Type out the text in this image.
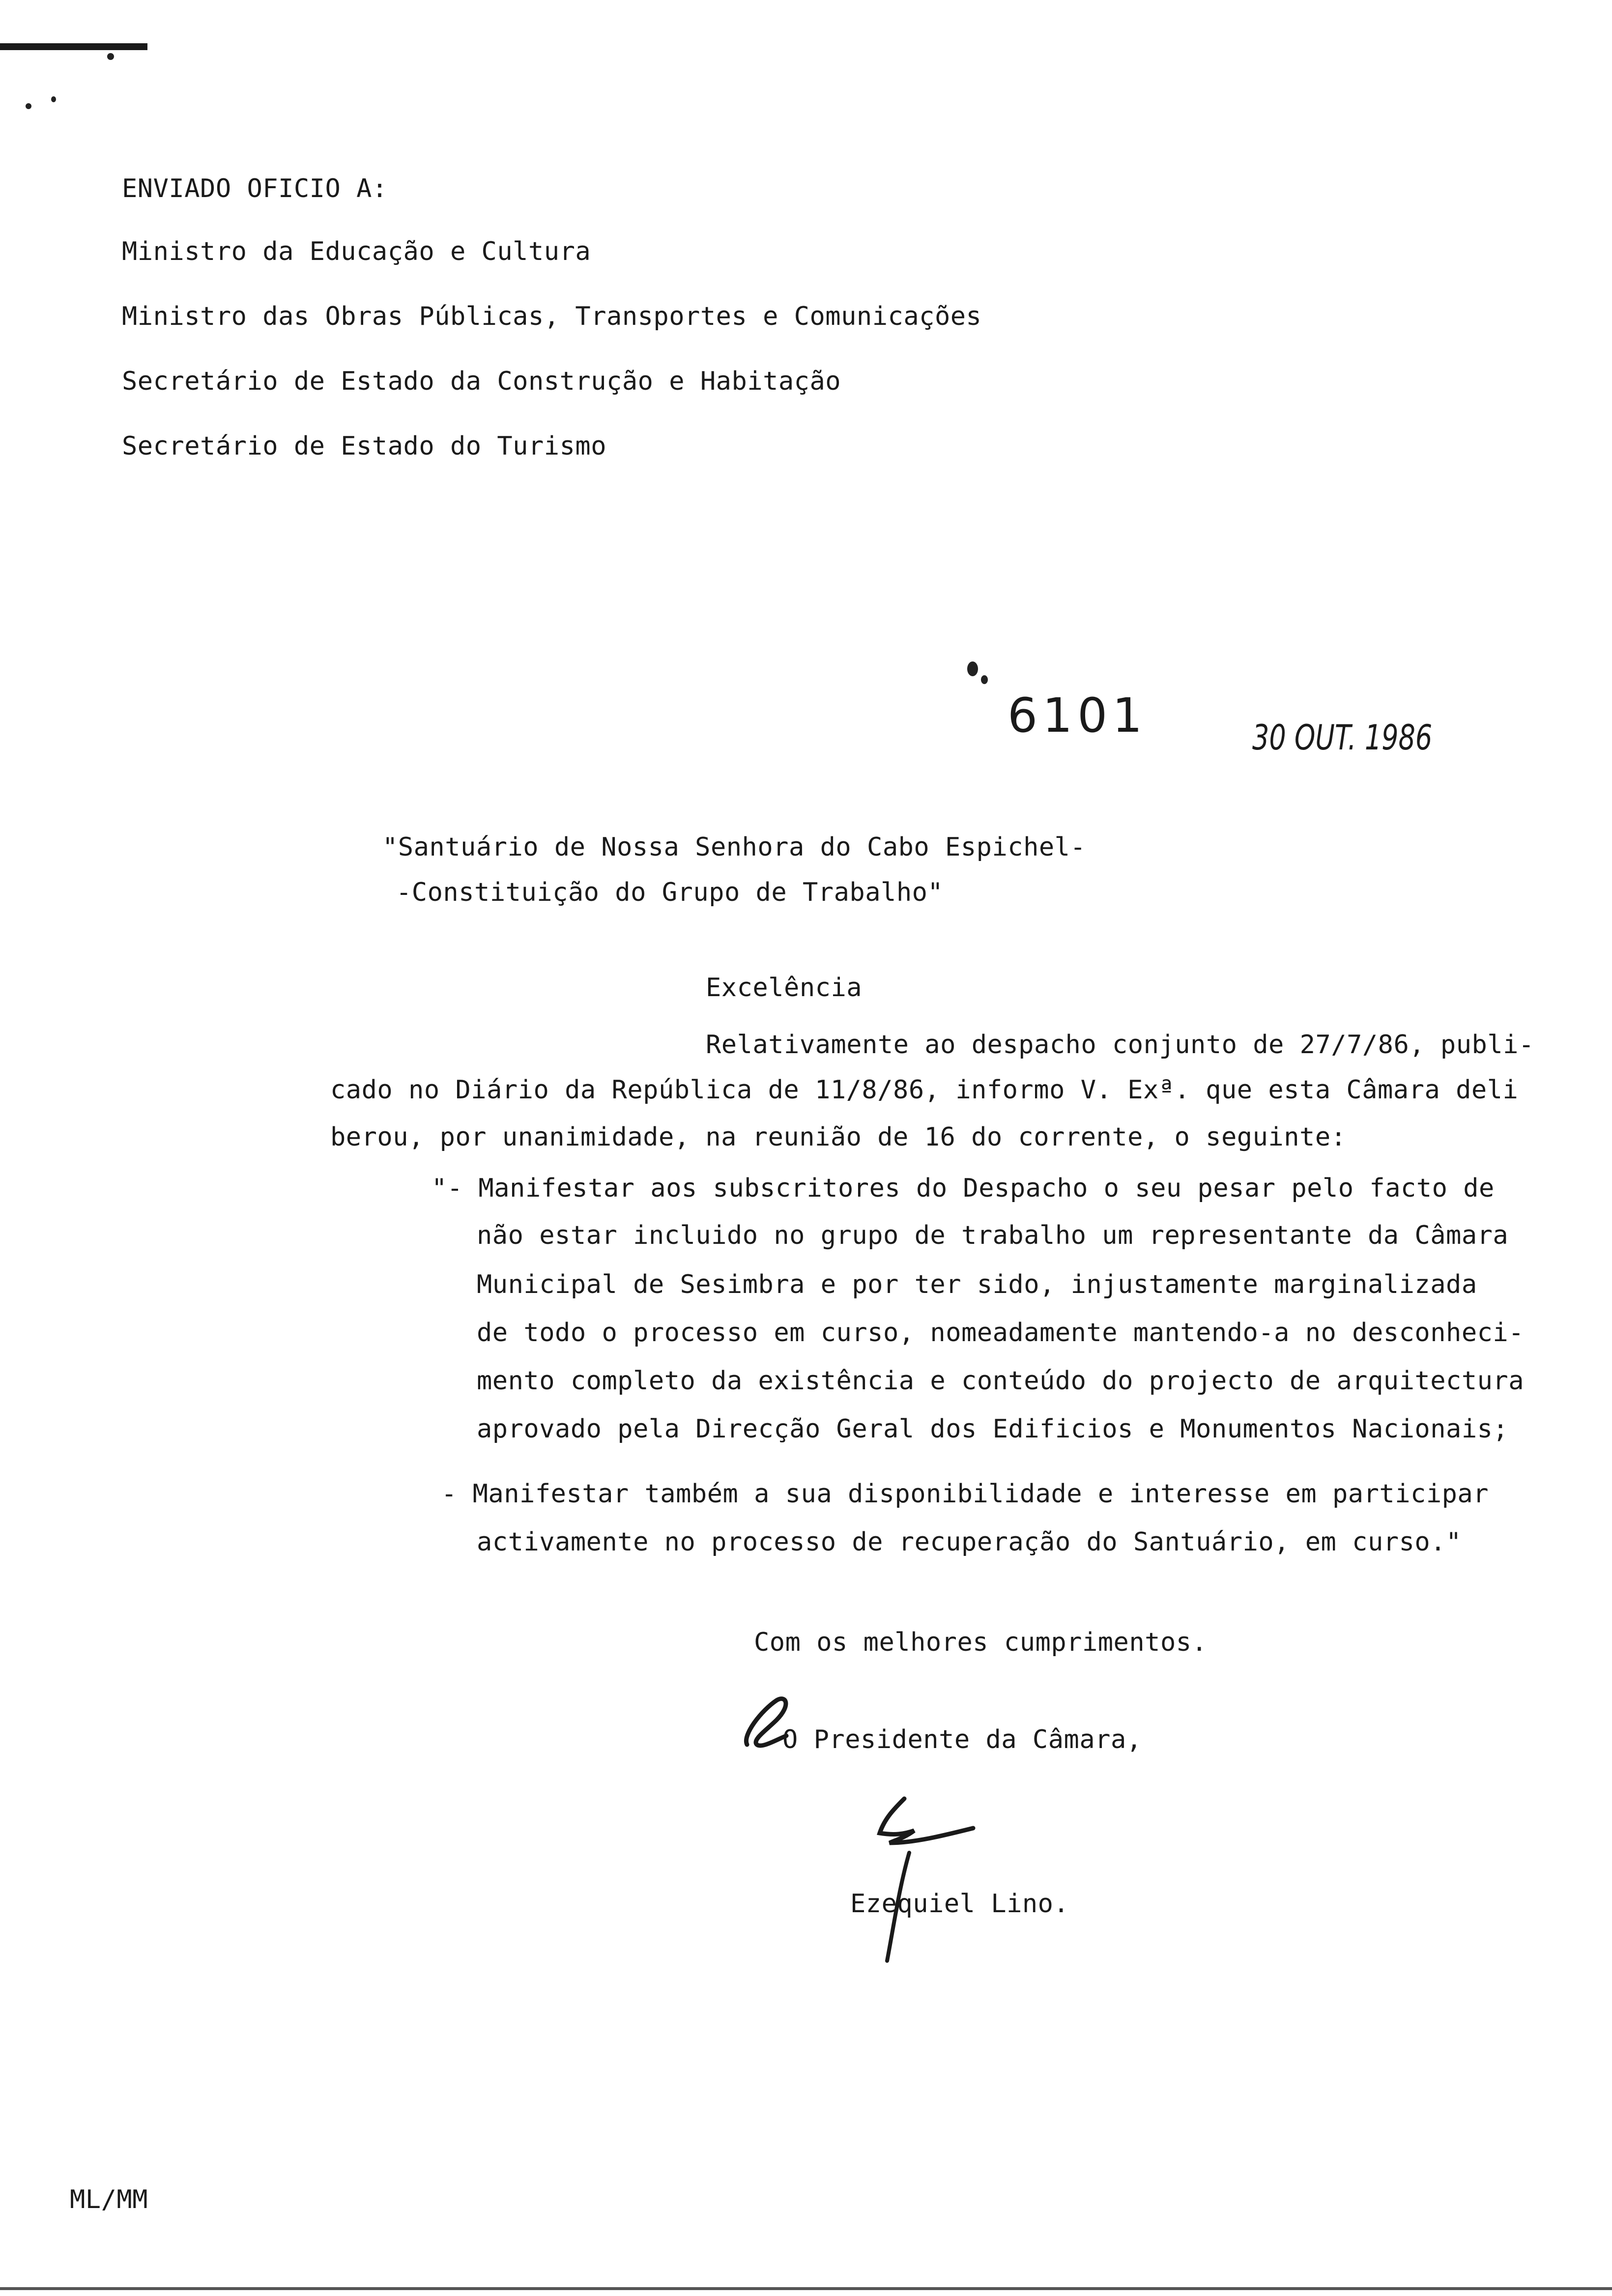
ENVIADO OFICIO A:
Ministro da Educação e Cultura
Ministro das Obras Públicas, Transportes e Comunicações
Secretário de Estado da Construção e Habitação
Secretário de Estado do Turismo
6101	30 OUT. 1986
"Santuário de Nossa Senhora do Cabo Espichel-
-Constituição do Grupo de Trabalho"
Excelência
Relativamente ao despacho conjunto de 27/7/86, publi-
cado no Diário da República de 11/8/86, informo V. Exª. que esta Câmara deli
berou, por unanimidade, na reunião de 16 do corrente, o seguinte:
"- Manifestar aos subscritores do Despacho o seu pesar pelo facto de
não estar incluido no grupo de trabalho um representante da Câmara
Municipal de Sesimbra e por ter sido, injustamente marginalizada
de todo o processo em curso, nomeadamente mantendo-a no desconheci-
mento completo da existência e conteúdo do projecto de arquitectura
aprovado pela Direcção Geral dos Edificios e Monumentos Nacionais;
- Manifestar também a sua disponibilidade e interesse em participar
activamente no processo de recuperação do Santuário, em curso."
Com os melhores cumprimentos.
O Presidente da Câmara,
Ezequiel Lino.
ML/MM
